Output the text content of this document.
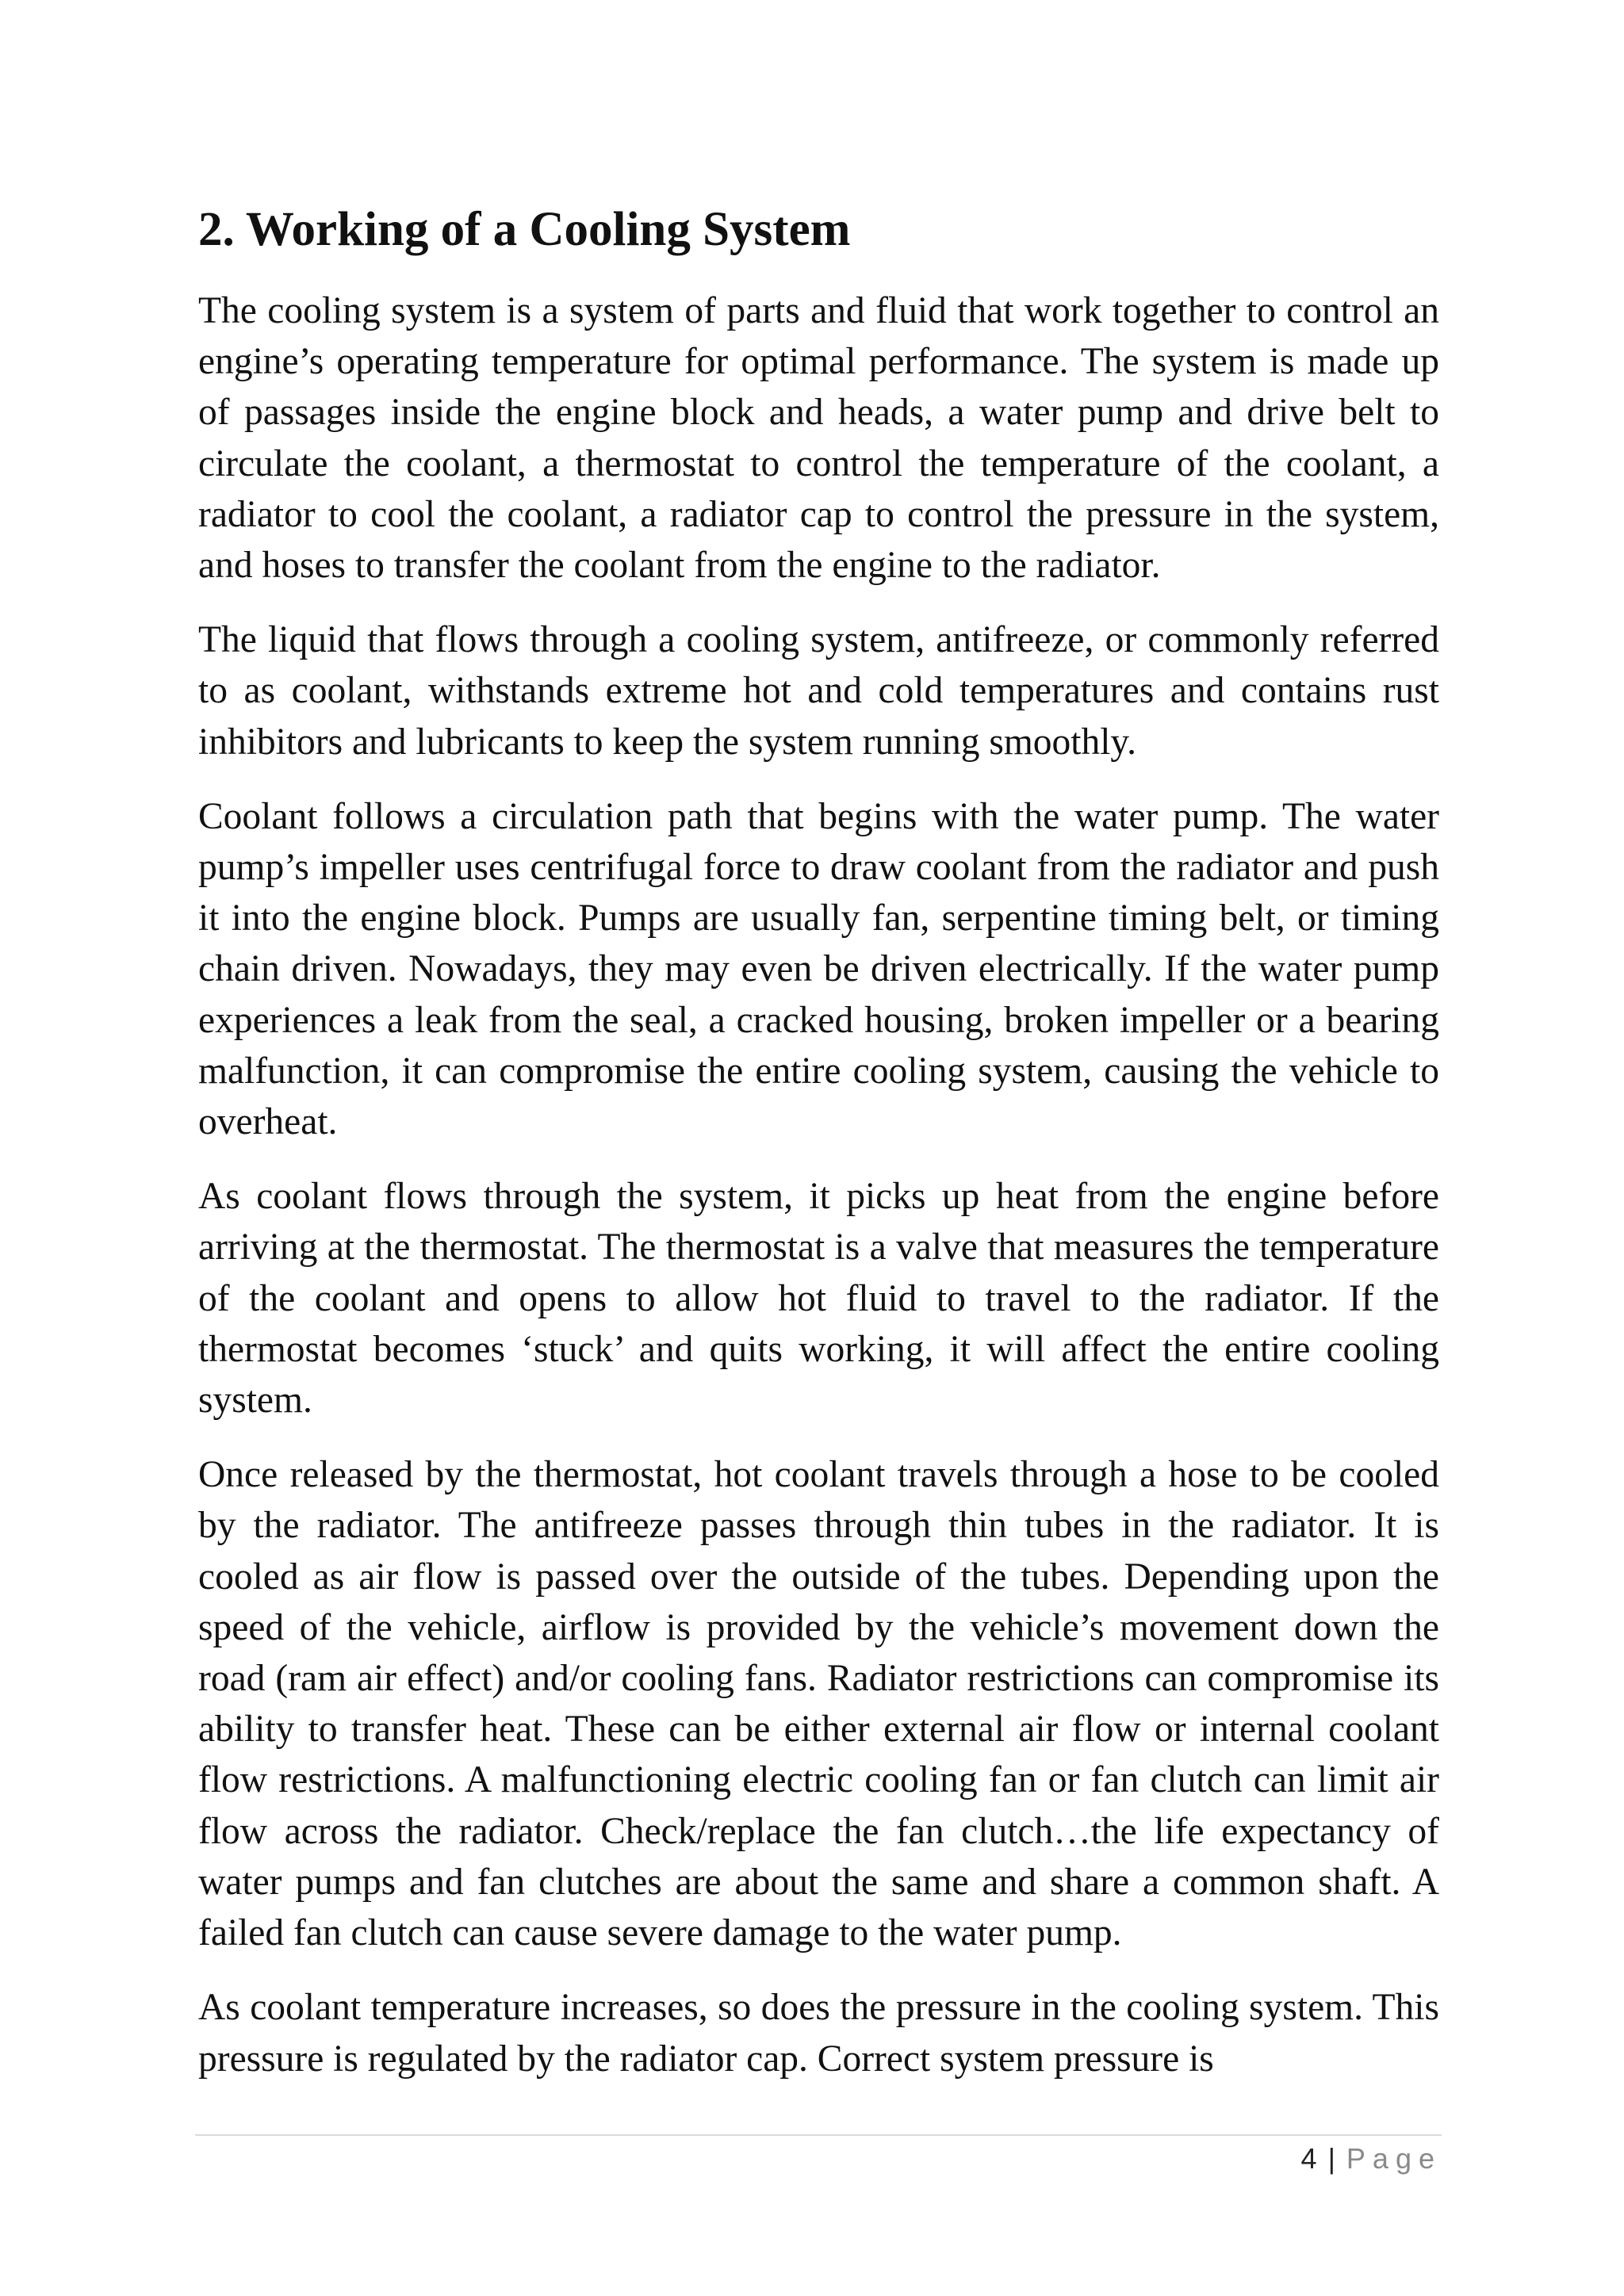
2. Working of a Cooling System

The cooling system is a system of parts and fluid that work together to control an engine’s operating temperature for optimal performance. The system is made up of passages inside the engine block and heads, a water pump and drive belt to circulate the coolant, a thermostat to control the temperature of the coolant, a radiator to cool the coolant, a radiator cap to control the pressure in the system, and hoses to transfer the coolant from the engine to the radiator.

The liquid that flows through a cooling system, antifreeze, or commonly referred to as coolant, withstands extreme hot and cold temperatures and contains rust inhibitors and lubricants to keep the system running smoothly.

Coolant follows a circulation path that begins with the water pump. The water pump’s impeller uses centrifugal force to draw coolant from the radiator and push it into the engine block. Pumps are usually fan, serpentine timing belt, or timing chain driven. Nowadays, they may even be driven electrically. If the water pump experiences a leak from the seal, a cracked housing, broken impeller or a bearing malfunction, it can compromise the entire cooling system, causing the vehicle to overheat.

As coolant flows through the system, it picks up heat from the engine before arriving at the thermostat. The thermostat is a valve that measures the temperature of the coolant and opens to allow hot fluid to travel to the radiator. If the thermostat becomes ‘stuck’ and quits working, it will affect the entire cooling system.

Once released by the thermostat, hot coolant travels through a hose to be cooled by the radiator. The antifreeze passes through thin tubes in the radiator. It is cooled as air flow is passed over the outside of the tubes. Depending upon the speed of the vehicle, airflow is provided by the vehicle’s movement down the road (ram air effect) and/or cooling fans. Radiator restrictions can compromise its ability to transfer heat. These can be either external air flow or internal coolant flow restrictions. A malfunctioning electric cooling fan or fan clutch can limit air flow across the radiator. Check/replace the fan clutch…the life expectancy of water pumps and fan clutches are about the same and share a common shaft. A failed fan clutch can cause severe damage to the water pump.

As coolant temperature increases, so does the pressure in the cooling system. This pressure is regulated by the radiator cap. Correct system pressure is

4 | Page
